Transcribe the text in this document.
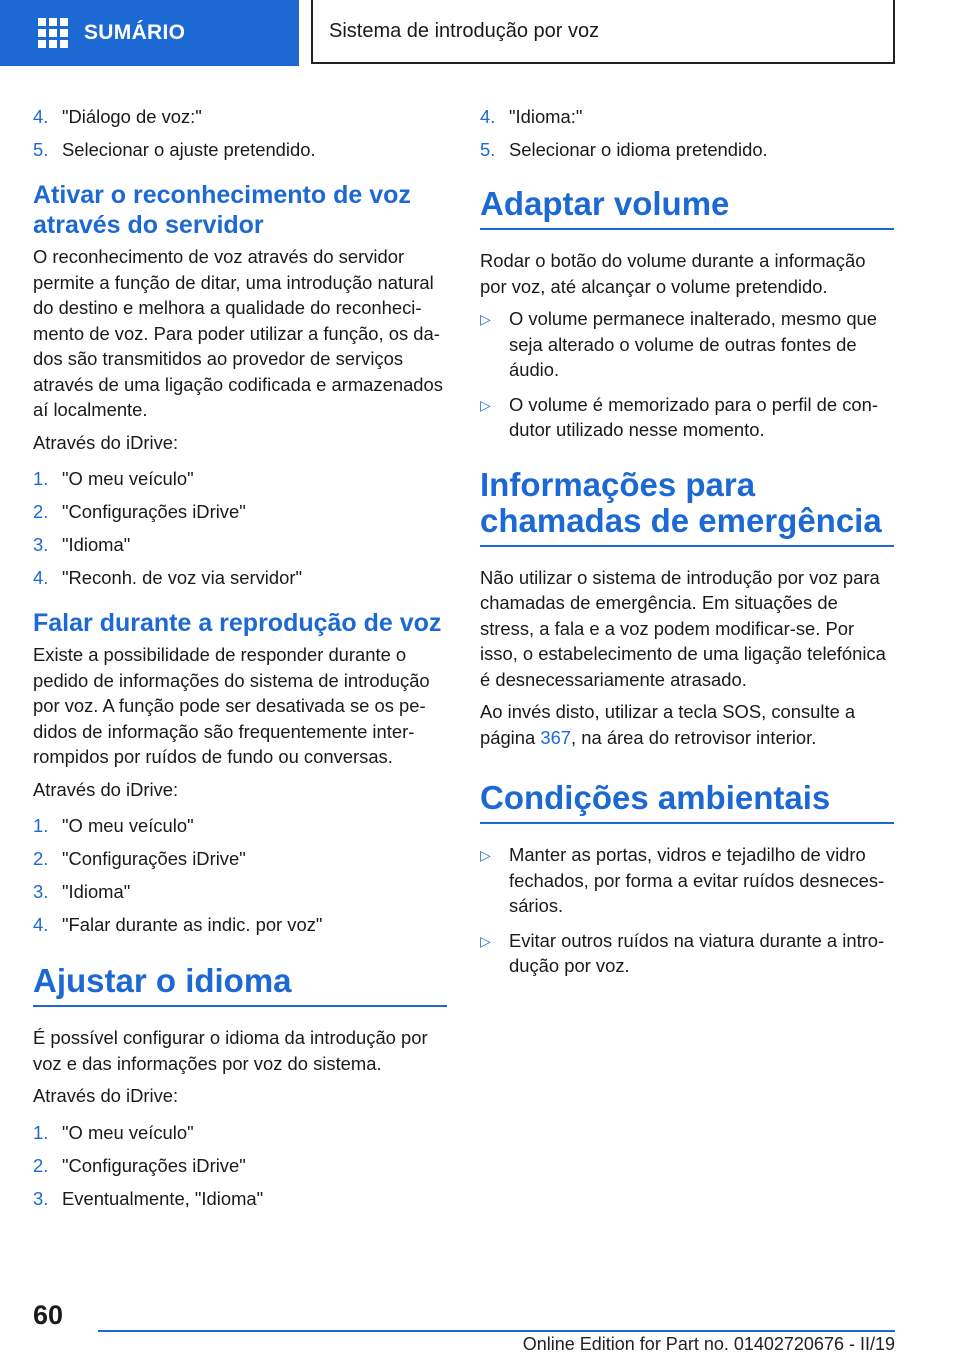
SUMÁRIO	Sistema de introdução por voz
4. "Diálogo de voz:"
5. Selecionar o ajuste pretendido.
Ativar o reconhecimento de voz através do servidor

O reconhecimento de voz através do servidor permite a função de ditar, uma introdução natural do destino e melhora a qualidade do reconhecimento de voz. Para poder utilizar a função, os dados são transmitidos ao provedor de serviços através de uma ligação codificada e armazenados aí localmente.

Através do iDrive:

1. "O meu veículo"
2. "Configurações iDrive"
3. "Idioma"
4. "Reconh. de voz via servidor"
Falar durante a reprodução de voz

Existe a possibilidade de responder durante o pedido de informações do sistema de introdução por voz. A função pode ser desativada se os pedidos de informação são frequentemente interrompidos por ruídos de fundo ou conversas.

Através do iDrive:

1. "O meu veículo"
2. "Configurações iDrive"
3. "Idioma"
4. "Falar durante as indic. por voz"
Ajustar o idioma

É possível configurar o idioma da introdução por voz e das informações por voz do sistema.

Através do iDrive:

1. "O meu veículo"
2. "Configurações iDrive"
3. Eventualmente, "Idioma"
4. "Idioma:"
5. Selecionar o idioma pretendido.
Adaptar volume

Rodar o botão do volume durante a informação por voz, até alcançar o volume pretendido.

▷ O volume permanece inalterado, mesmo que seja alterado o volume de outras fontes de áudio.
▷ O volume é memorizado para o perfil de condutor utilizado nesse momento.
Informações para chamadas de emergência

Não utilizar o sistema de introdução por voz para chamadas de emergência. Em situações de stress, a fala e a voz podem modificar-se. Por isso, o estabelecimento de uma ligação telefónica é desnecessariamente atrasado.

Ao invés disto, utilizar a tecla SOS, consulte a página 367, na área do retrovisor interior.

Condições ambientais
▷ Manter as portas, vidros e tejadilho de vidro fechados, por forma a evitar ruídos desnecessários.
▷ Evitar outros ruídos na viatura durante a introdução por voz.
60
Online Edition for Part no. 01402720676 - II/19
